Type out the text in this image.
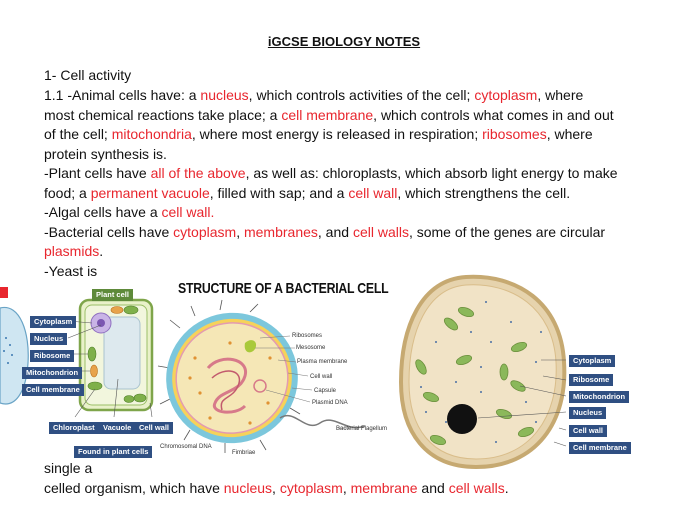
iGCSE BIOLOGY NOTES
1- Cell activity
1.1 -Animal cells have: a nucleus, which controls activities of the cell; cytoplasm, where
most chemical reactions take place; a cell membrane, which controls what comes in and out
of the cell; mitochondria, where most energy is released in respiration; ribosomes, where
protein synthesis is.
-Plant cells have all of the above, as well as: chloroplasts, which absorb light energy to make
food; a permanent vacuole, filled with sap; and a cell wall, which strengthens the cell.
-Algal cells have a cell wall.
-Bacterial cells have cytoplasm, membranes, and cell walls, some of the genes are circular
plasmids.
-Yeast is
Plant cell
Cytoplasm
Nucleus
Ribosome
Mitochondrion
Cell membrane
Chloroplast	Vacuole	Cell wall
Found in plant cells
STRUCTURE OF A BACTERIAL CELL
Ribosomes
Mesosome
Plasma membrane
Cell wall
Capsule
Plasmid DNA
Bacterial Flagellum
Chromosomal DNA
Fimbriae
Cytoplasm
Ribosome
Mitochondrion
Nucleus
Cell wall
Cell membrane
single a
celled organism, which have nucleus, cytoplasm, membrane and cell walls.
